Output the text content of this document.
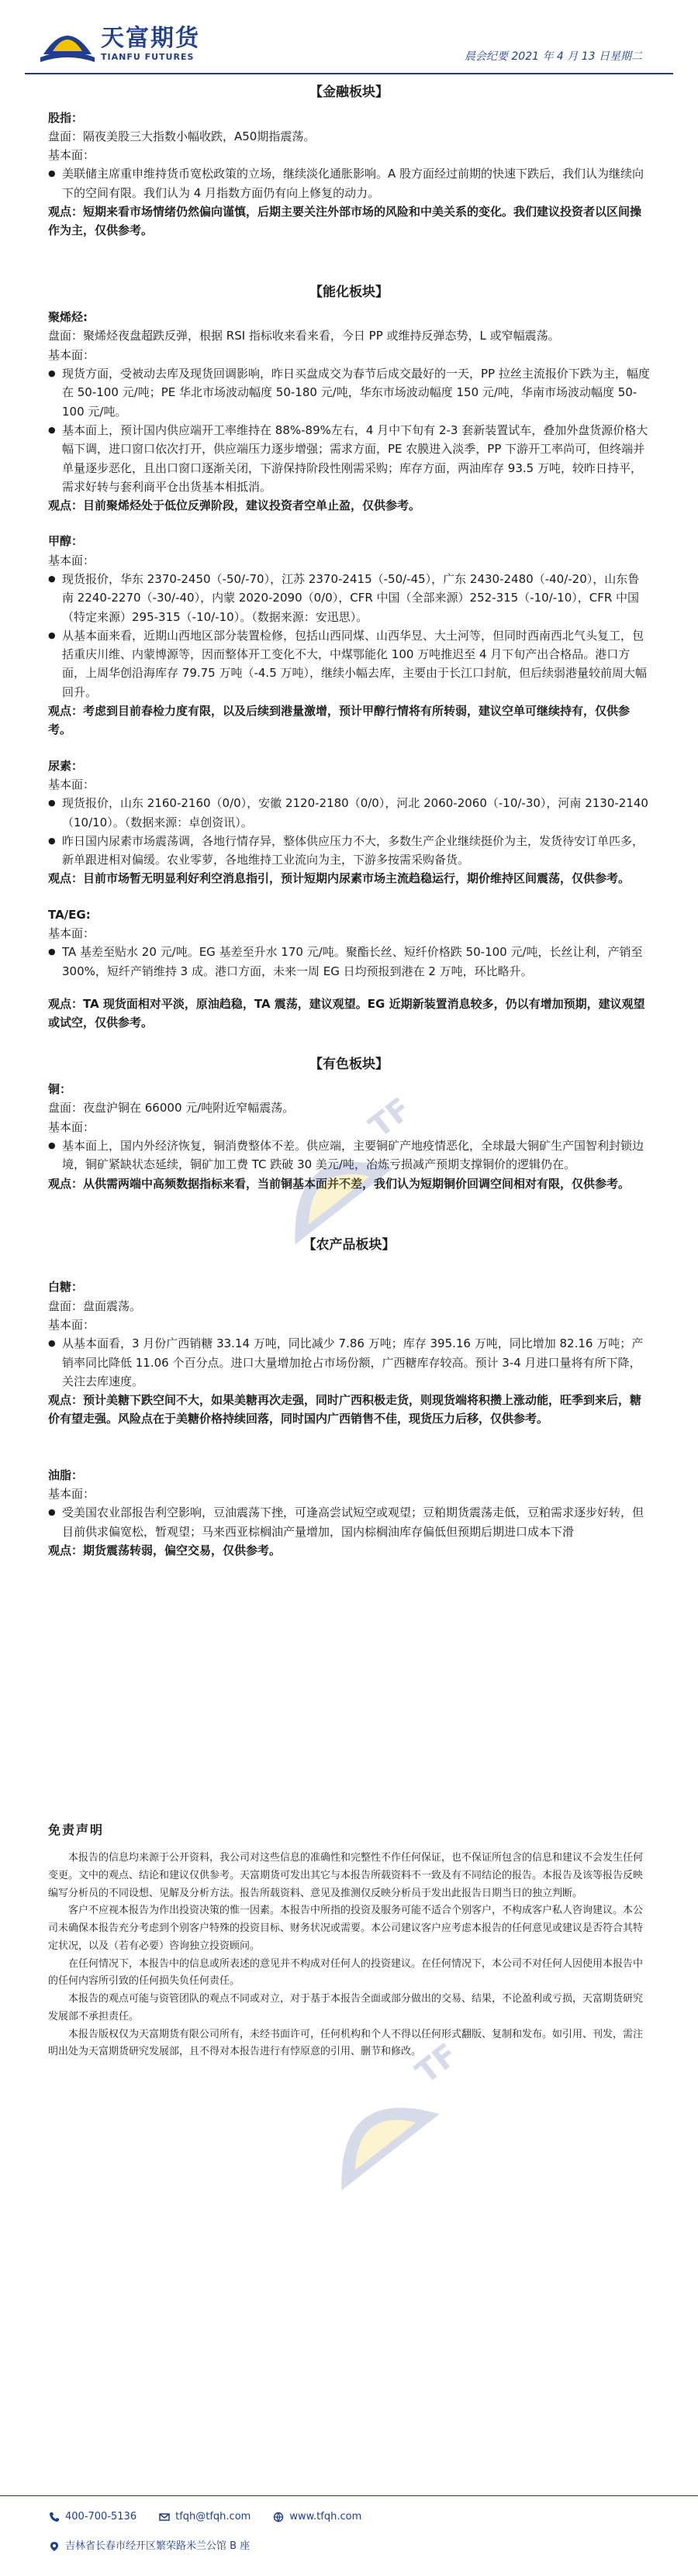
天富期货
TIANFU FUTURES	晨会纪要 2021 年 4 月 13 日星期二
【金融板块】
股指：
盘面：隔夜美股三大指数小幅收跌，A50期指震荡。
基本面：
● 美联储主席重申维持货币宽松政策的立场，继续淡化通胀影响。A 股方面经过前期的快速下跌后，我们认为继续向下的空间有限。我们认为 4 月指数方面仍有向上修复的动力。
观点：短期来看市场情绪仍然偏向谨慎，后期主要关注外部市场的风险和中美关系的变化。我们建议投资者以区间操作为主，仅供参考。
【能化板块】
聚烯烃:
盘面：聚烯烃夜盘超跌反弹，根据 RSI 指标收来看来看，今日 PP 或维持反弹态势，L 或窄幅震荡。
基本面：
● 现货方面，受被动去库及现货回调影响，昨日买盘成交为春节后成交最好的一天，PP 拉丝主流报价下跌为主，幅度在 50-100 元/吨；PE 华北市场波动幅度 50-180 元/吨，华东市场波动幅度 150 元/吨，华南市场波动幅度 50-100 元/吨。
● 基本面上，预计国内供应端开工率维持在 88%-89%左右，4 月中下旬有 2-3 套新装置试车，叠加外盘货源价格大幅下调，进口窗口依次打开，供应端压力逐步增强；需求方面，PE 农膜进入淡季，PP 下游开工率尚可，但终端并单量逐步恶化，且出口窗口逐渐关闭，下游保持阶段性刚需采购；库存方面，两油库存 93.5 万吨，较昨日持平，需求好转与套利商平仓出货基本相抵消。
观点：目前聚烯烃处于低位反弹阶段，建议投资者空单止盈，仅供参考。
甲醇：
基本面：
● 现货报价，华东 2370-2450（-50/-70），江苏 2370-2415（-50/-45），广东 2430-2480（-40/-20），山东鲁南 2240-2270（-30/-40），内蒙 2020-2090（0/0），CFR 中国（全部来源）252-315（-10/-10），CFR 中国（特定来源）295-315（-10/-10）。（数据来源：安迅思）。
● 从基本面来看，近期山西地区部分装置检修，包括山西同煤、山西华昱、大土河等，但同时西南西北气头复工，包括重庆川维、内蒙博源等，因而整体开工变化不大，中煤鄂能化 100 万吨推迟至 4 月下旬产出合格品。港口方面，上周华创沿海库存 79.75 万吨（-4.5 万吨），继续小幅去库，主要由于长江口封航，但后续弱港量较前周大幅回升。
观点：考虑到目前春检力度有限，以及后续到港量激增，预计甲醇行情将有所转弱，建议空单可继续持有，仅供参考。
尿素：
基本面：
● 现货报价，山东 2160-2160（0/0），安徽 2120-2180（0/0），河北 2060-2060（-10/-30），河南 2130-2140（10/10）。（数据来源：卓创资讯）。
● 昨日国内尿素市场震荡调，各地行情存异，整体供应压力不大，多数生产企业继续挺价为主，发货待安订单匹多，新单跟进相对偏缓。农业零萝，各地维持工业流向为主，下游多按需采购备货。
观点：目前市场暂无明显利好利空消息指引，预计短期内尿素市场主流趋稳运行，期价维持区间震荡，仅供参考。
TA/EG:
基本面：
● TA 基差至贴水 20 元/吨。EG 基差至升水 170 元/吨。聚酯长丝、短纤价格跌 50-100 元/吨，长丝让利，产销至 300%，短纤产销维持 3 成。港口方面，未来一周 EG 日均预报到港在 2 万吨，环比略升。
观点：TA 现货面相对平淡，原油趋稳，TA 震荡，建议观望。EG 近期新装置消息较多，仍以有增加预期，建议观望或试空，仅供参考。
【有色板块】
铜：
盘面：夜盘沪铜在 66000 元/吨附近窄幅震荡。
基本面：
● 基本面上，国内外经济恢复，铜消费整体不差。供应端，主要铜矿产地疫情恶化，全球最大铜矿生产国智利封锁边境，铜矿紧缺状态延续，铜矿加工费 TC 跌破 30 美元/吨，冶炼亏损减产预期支撑铜价的逻辑仍在。
观点：从供需两端中高频数据指标来看，当前铜基本面并不差，我们认为短期铜价回调空间相对有限，仅供参考。
【农产品板块】
白糖：
盘面：盘面震荡。
基本面：
● 从基本面看，3 月份广西销糖 33.14 万吨，同比减少 7.86 万吨；库存 395.16 万吨，同比增加 82.16 万吨；产销率同比降低 11.06 个百分点。进口大量增加抢占市场份额，广西糖库存较高。预计 3-4 月进口量将有所下降，关注去库速度。
观点：预计美糖下跌空间不大，如果美糖再次走强，同时广西积极走货，则现货端将积攒上涨动能，旺季到来后，糖价有望走强。风险点在于美糖价格持续回落，同时国内广西销售不佳，现货压力后移，仅供参考。
油脂：
基本面：
● 受美国农业部报告利空影响，豆油震荡下挫，可逢高尝试短空或观望；豆粕期货震荡走低，豆粕需求逐步好转，但目前供求偏宽松，暂观望；马来西亚棕榈油产量增加，国内棕榈油库存偏低但预期后期进口成本下滑
观点：期货震荡转弱，偏空交易，仅供参考。
免责声明

本报告的信息均来源于公开资料，我公司对这些信息的准确性和完整性不作任何保证，也不保证所包含的信息和建议不会发生任何变更。文中的观点、结论和建议仅供参考。天富期货可发出其它与本报告所载资料不一致及有不同结论的报告。本报告及该等报告反映编写分析员的不同设想、见解及分析方法。报告所载资料、意见及推测仅反映分析员于发出此报告日期当日的独立判断。

客户不应视本报告为作出投资决策的惟一因素。本报告中所指的投资及服务可能不适合个别客户，不构成客户私人咨询建议。本公司未确保本报告充分考虑到个别客户特殊的投资目标、财务状况或需要。本公司建议客户应考虑本报告的任何意见或建议是否符合其特定状况，以及（若有必要）咨询独立投资顾问。

在任何情况下，本报告中的信息或所表述的意见并不构成对任何人的投资建议。在任何情况下，本公司不对任何人因使用本报告中的任何内容所引致的任何损失负任何责任。

本报告的观点可能与资管团队的观点不同或对立，对于基于本报告全面或部分做出的交易、结果，不论盈利或亏损，天富期货研究发展部不承担责任。

本报告版权仅为天富期货有限公司所有，未经书面许可，任何机构和个人不得以任何形式翻版、复制和发布。如引用、刊发，需注明出处为天富期货研究发展部，且不得对本报告进行有悖原意的引用、删节和修改。

TF
TF
400-700-5136	tfqh@tfqh.com	www.tfqh.com
吉林省长春市经开区繁荣路米兰公馆 B 座
